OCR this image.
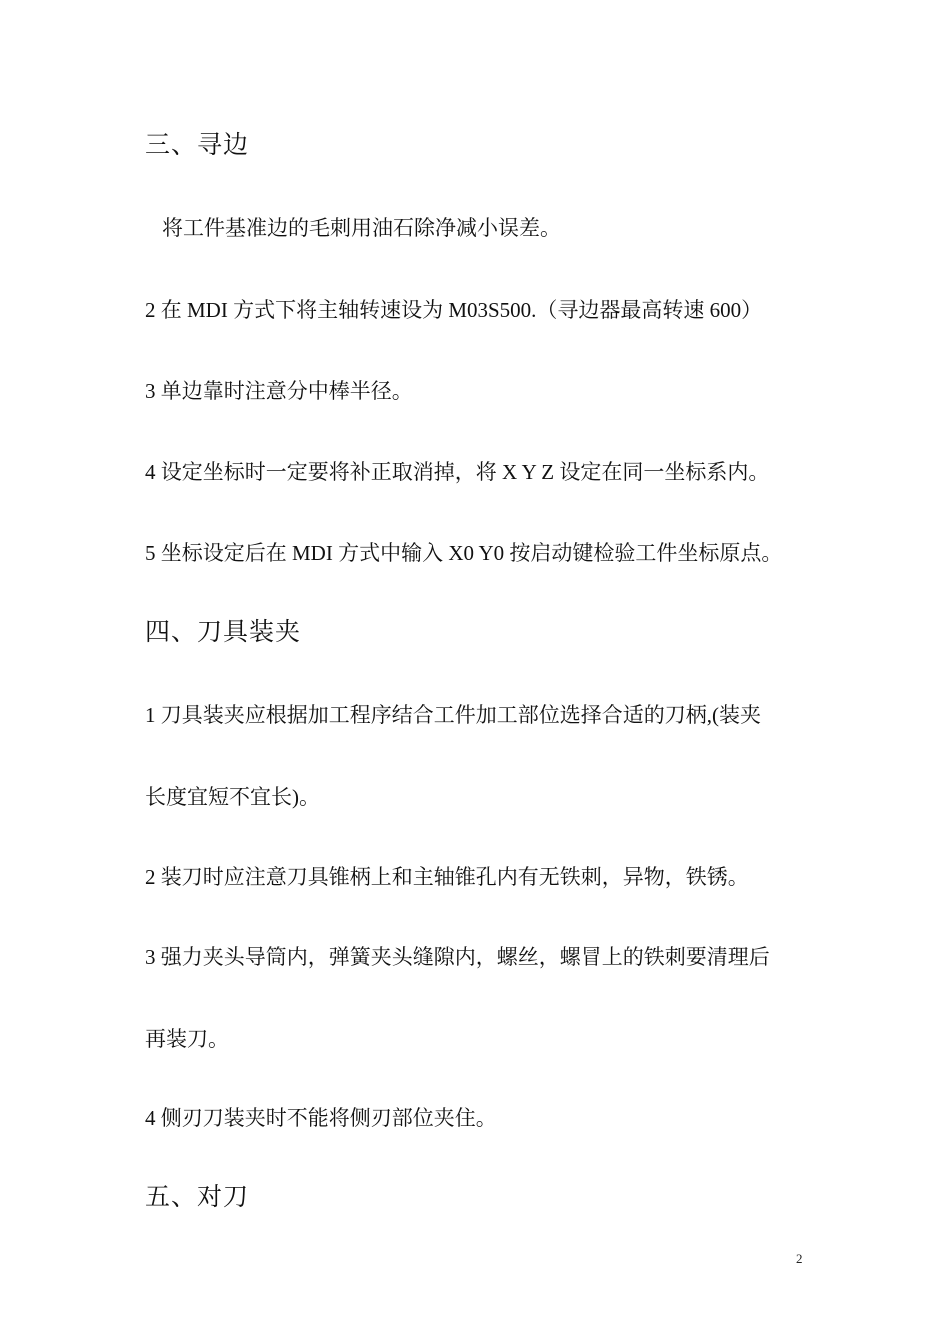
三、寻边

将工件基准边的毛刺用油石除净减小误差。

2 在 MDI 方式下将主轴转速设为 M03S500.（寻边器最高转速 600）

3 单边靠时注意分中棒半径。

4 设定坐标时一定要将补正取消掉，将 X Y Z 设定在同一坐标系内。

5 坐标设定后在 MDI 方式中输入 X0 Y0 按启动键检验工件坐标原点。

四、刀具装夹

1 刀具装夹应根据加工程序结合工件加工部位选择合适的刀柄,(装夹

长度宜短不宜长)。

2 装刀时应注意刀具锥柄上和主轴锥孔内有无铁刺，异物，铁锈。

3 强力夹头导筒内，弹簧夹头缝隙内，螺丝，螺冒上的铁刺要清理后

再装刀。

4 侧刃刀装夹时不能将侧刃部位夹住。

五、对刀
2
